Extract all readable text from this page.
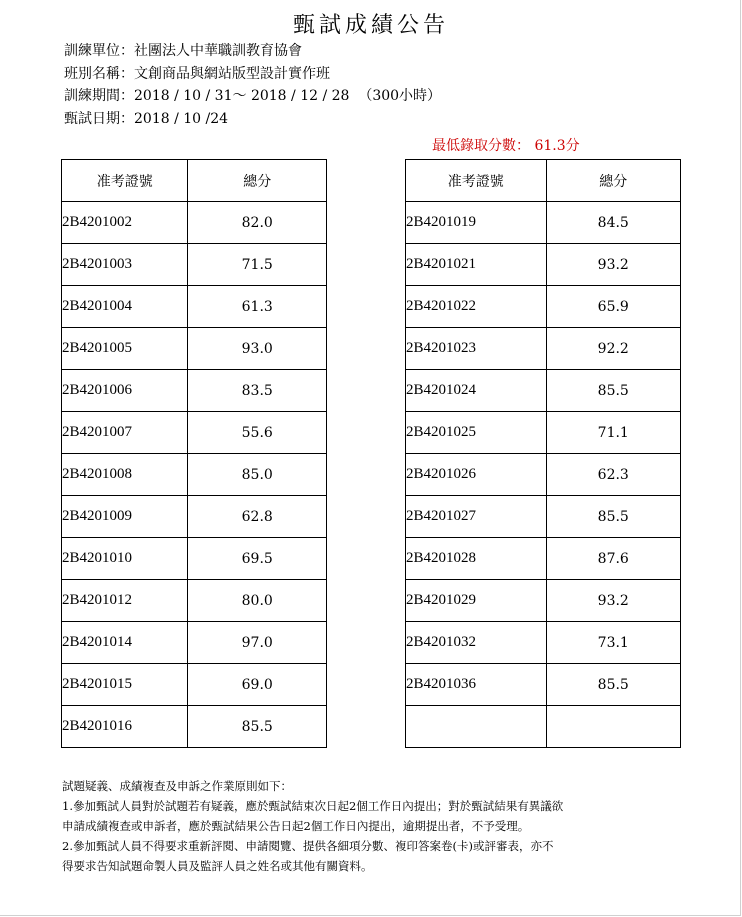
甄試成績公告
訓練單位：社團法人中華職訓教育協會
班別名稱：文創商品與網站版型設計實作班
訓練期間：2018 / 10 / 31～ 2018 / 12 / 28  （300小時）
甄試日期：2018 / 10 /24
最低錄取分數： 61.3分
准考證號	總分
2B4201002	82.0
2B4201003	71.5
2B4201004	61.3
2B4201005	93.0
2B4201006	83.5
2B4201007	55.6
2B4201008	85.0
2B4201009	62.8
2B4201010	69.5
2B4201012	80.0
2B4201014	97.0
2B4201015	69.0
2B4201016	85.5
准考證號	總分
2B4201019	84.5
2B4201021	93.2
2B4201022	65.9
2B4201023	92.2
2B4201024	85.5
2B4201025	71.1
2B4201026	62.3
2B4201027	85.5
2B4201028	87.6
2B4201029	93.2
2B4201032	73.1
2B4201036	85.5

試題疑義、成績複查及申訴之作業原則如下：
1.參加甄試人員對於試題若有疑義，應於甄試結束次日起2個工作日內提出；對於甄試結果有異議欲
申請成績複查或申訴者，應於甄試結果公告日起2個工作日內提出，逾期提出者，不予受理。
2.參加甄試人員不得要求重新評閱、申請閱覽、提供各細項分數、複印答案卷(卡)或評審表，亦不
得要求告知試題命製人員及監評人員之姓名或其他有關資料。
